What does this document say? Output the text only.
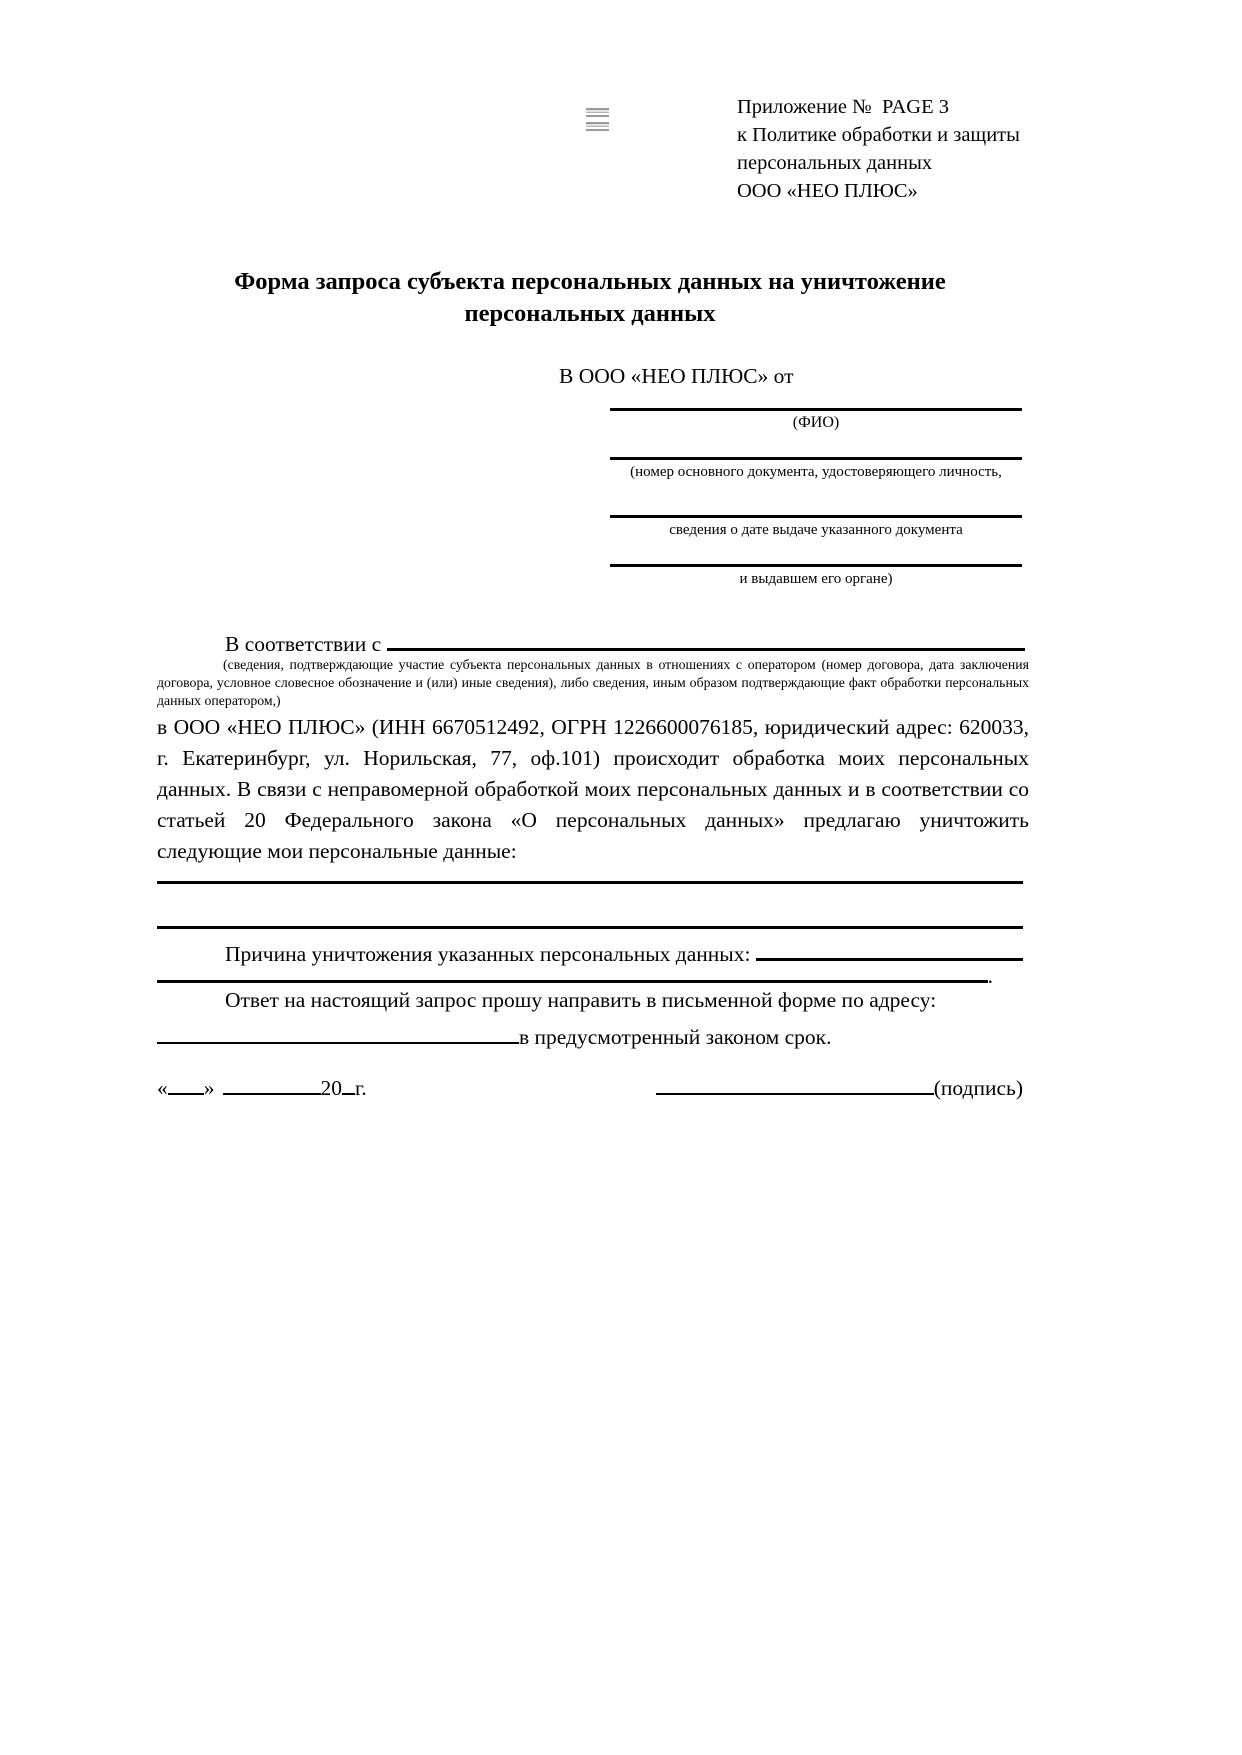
Приложение №  PAGE 3
к Политике обработки и защиты
персональных данных
ООО «НЕО ПЛЮС»
Форма запроса субъекта персональных данных на уничтожение
персональных данных
В ООО «НЕО ПЛЮС» от
(ФИО)
(номер основного документа, удостоверяющего личность,
сведения о дате выдаче указанного документа
и выдавшем его органе)
В соответствии с
(сведения, подтверждающие участие субъекта персональных данных в отношениях с оператором (номер договора, дата заключения договора, условное словесное обозначение и (или) иные сведения), либо сведения, иным образом подтверждающие факт обработки персональных данных оператором,)
в ООО «НЕО ПЛЮС» (ИНН 6670512492, ОГРН 1226600076185, юридический адрес: 620033, г. Екатеринбург, ул. Норильская, 77, оф.101) происходит обработка моих персональных данных. В связи с неправомерной обработкой моих персональных данных и в соответствии со статьей 20 Федерального закона «О персональных данных» предлагаю уничтожить следующие мои персональные данные:
Причина уничтожения указанных персональных данных:
.
Ответ на настоящий запрос прошу направить в письменной форме по адресу:
в предусмотренный законом срок.
« »	20 г.	(подпись)
